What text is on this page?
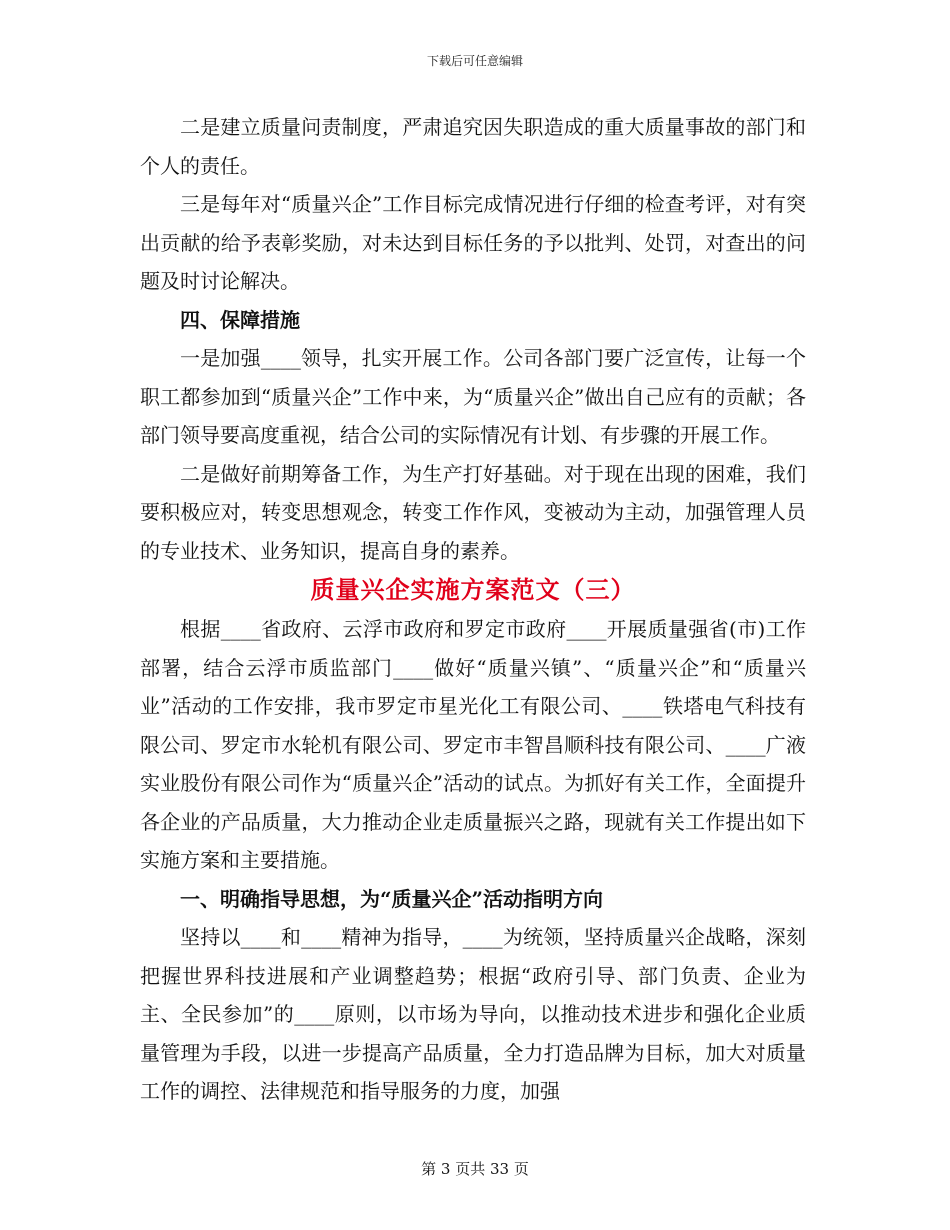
下载后可任意编辑

二是建立质量问责制度，严肃追究因失职造成的重大质量事故的部门和个人的责任。

三是每年对“质量兴企”工作目标完成情况进行仔细的检查考评，对有突出贡献的给予表彰奖励，对未达到目标任务的予以批判、处罚，对查出的问题及时讨论解决。

四、保障措施

一是加强____领导，扎实开展工作。公司各部门要广泛宣传，让每一个职工都参加到“质量兴企”工作中来，为“质量兴企”做出自己应有的贡献；各部门领导要高度重视，结合公司的实际情况有计划、有步骤的开展工作。

二是做好前期筹备工作，为生产打好基础。对于现在出现的困难，我们要积极应对，转变思想观念，转变工作作风，变被动为主动，加强管理人员的专业技术、业务知识，提高自身的素养。

质量兴企实施方案范文（三）

根据____省政府、云浮市政府和罗定市政府____开展质量强省(市)工作部署，结合云浮市质监部门____做好“质量兴镇”、“质量兴企”和“质量兴业”活动的工作安排，我市罗定市星光化工有限公司、____铁塔电气科技有限公司、罗定市水轮机有限公司、罗定市丰智昌顺科技有限公司、____广液实业股份有限公司作为“质量兴企”活动的试点。为抓好有关工作，全面提升各企业的产品质量，大力推动企业走质量振兴之路，现就有关工作提出如下实施方案和主要措施。

一、明确指导思想，为“质量兴企”活动指明方向

坚持以____和____精神为指导，____为统领，坚持质量兴企战略，深刻把握世界科技进展和产业调整趋势；根据“政府引导、部门负责、企业为主、全民参加”的____原则，以市场为导向，以推动技术进步和强化企业质量管理为手段，以进一步提高产品质量，全力打造品牌为目标，加大对质量工作的调控、法律规范和指导服务的力度，加强

第 3 页共 33 页
